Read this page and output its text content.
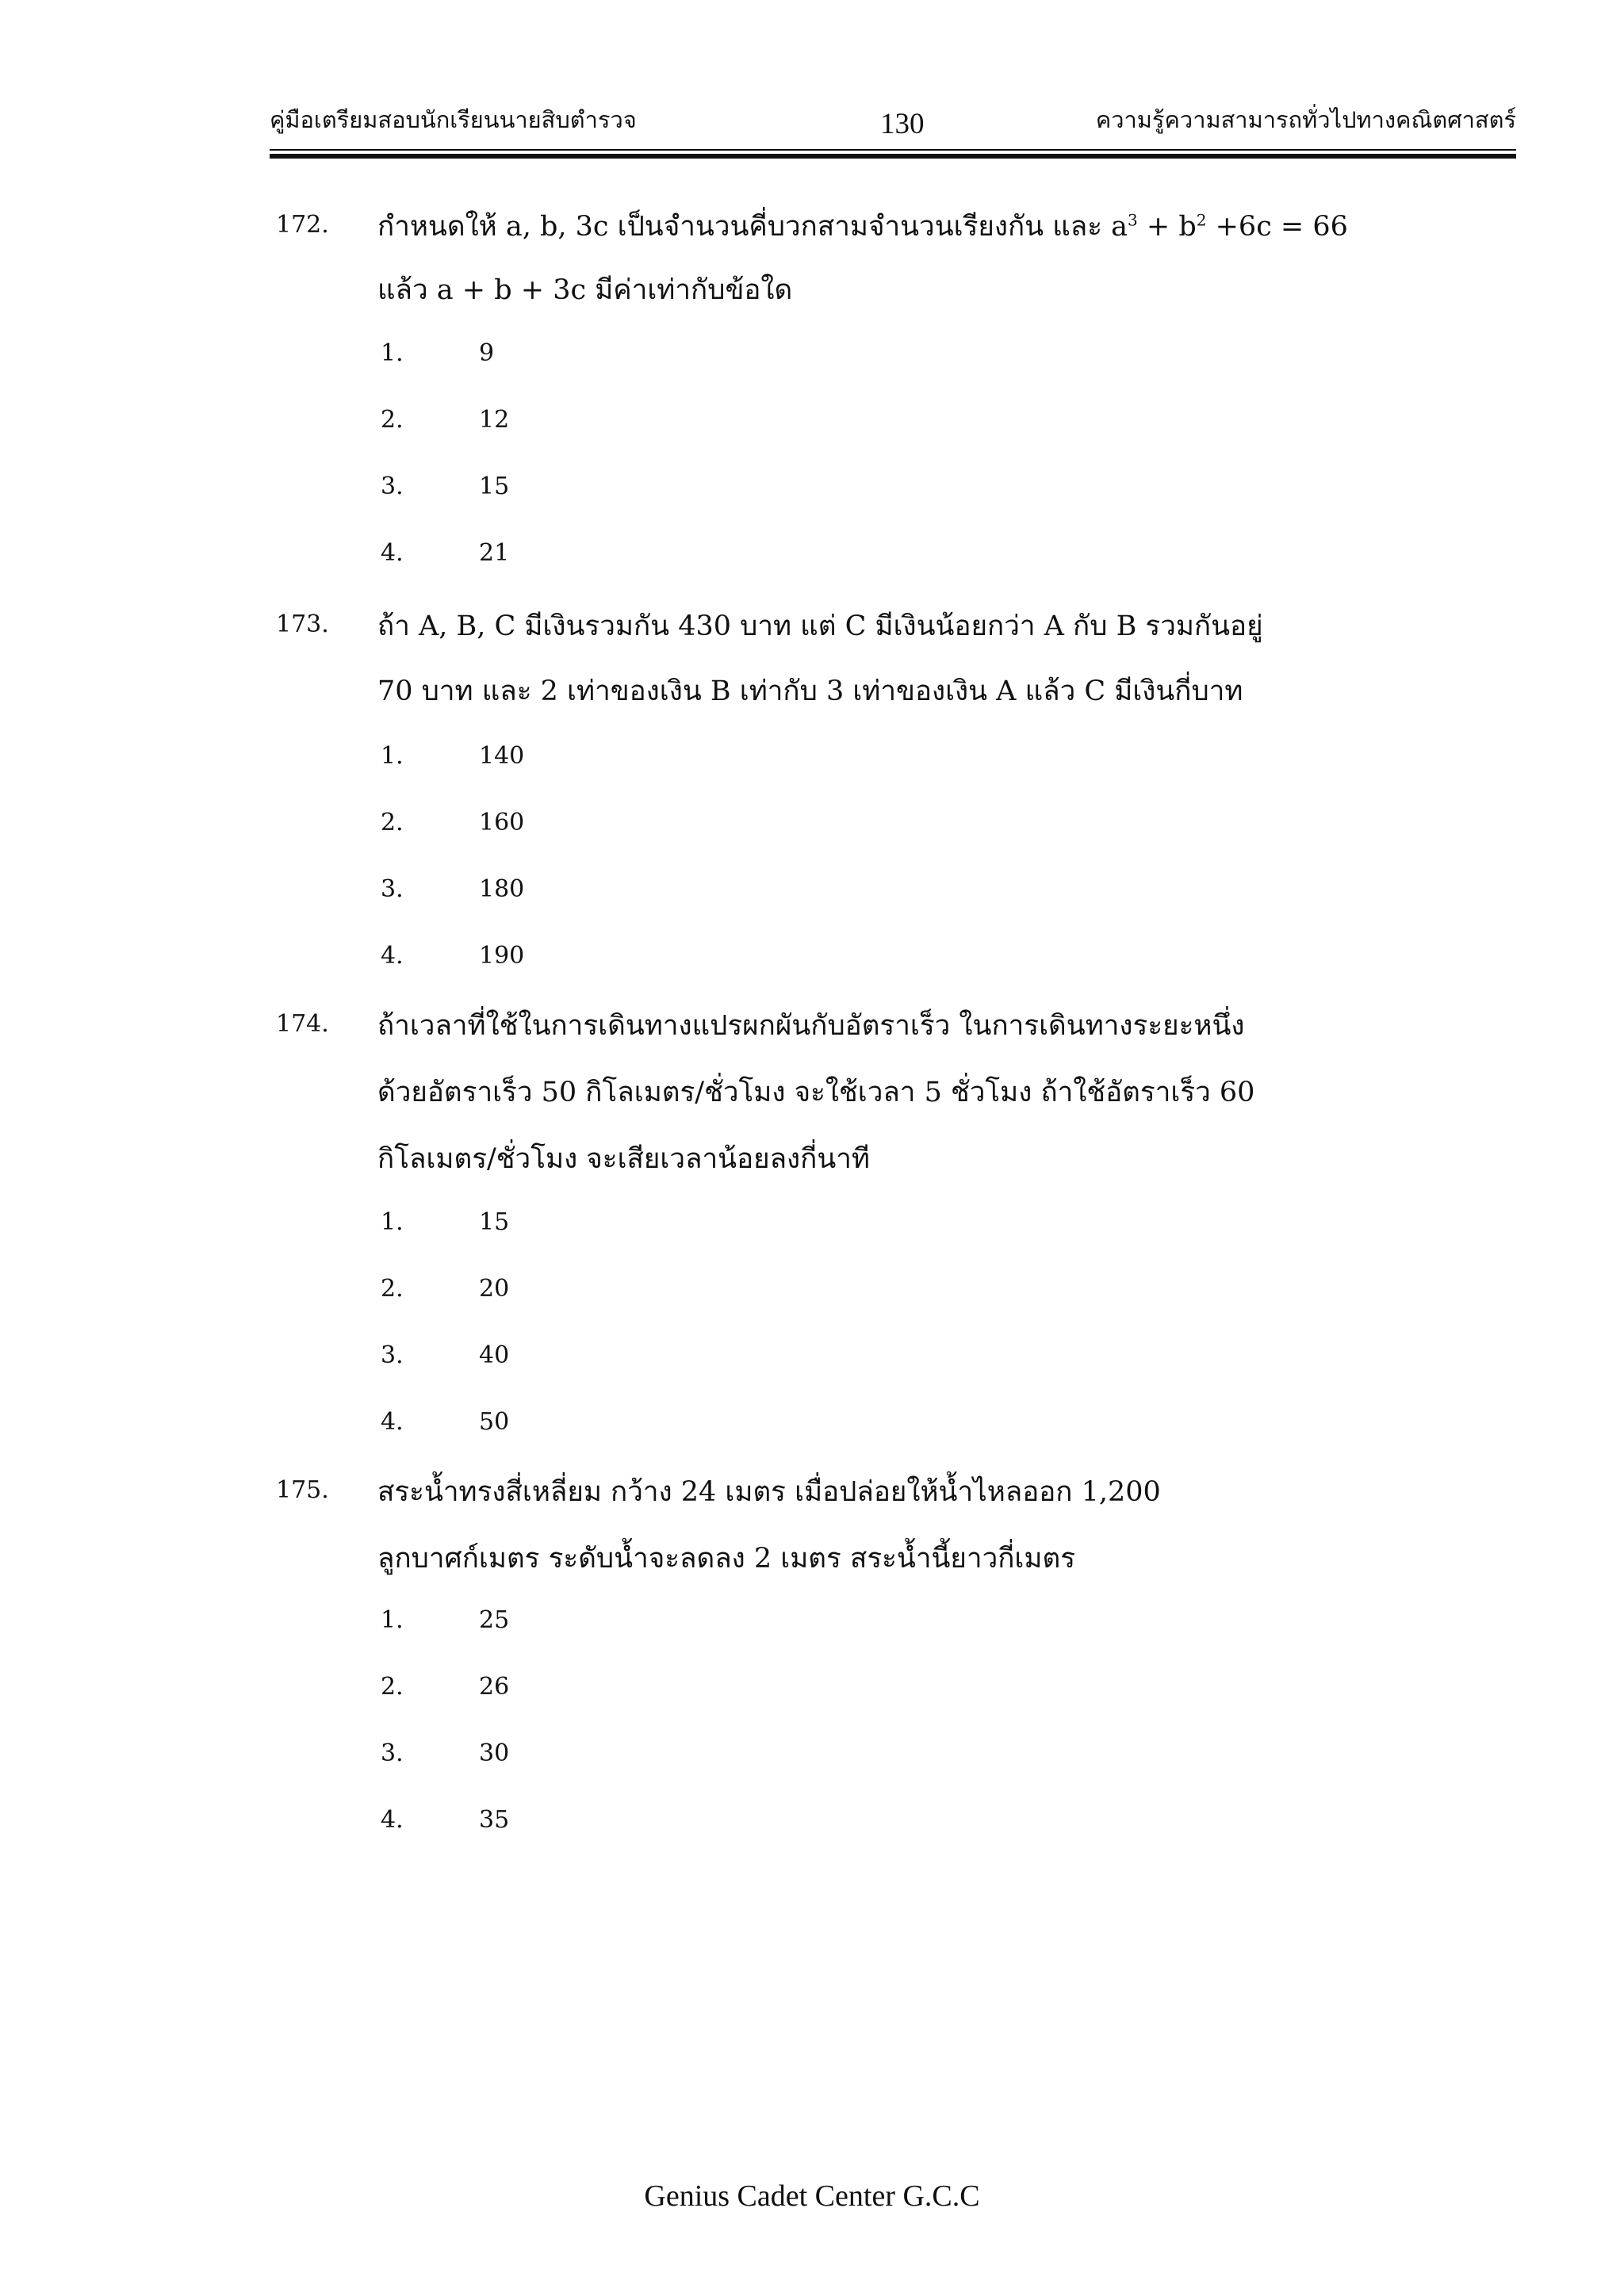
คู่มือเตรียมสอบนักเรียนนายสิบตำรวจ	130	ความรู้ความสามารถทั่วไปทางคณิตศาสตร์
172. กำหนดให้ a, b, 3c เป็นจำนวนคี่บวกสามจำนวนเรียงกัน และ $a^3 + b^2 +6c = 66$
แล้ว a + b + 3c มีค่าเท่ากับข้อใด
1.	9
2.	12
3.	15
4.	21
173. ถ้า A, B, C มีเงินรวมกัน 430 บาท แต่ C มีเงินน้อยกว่า A กับ B รวมกันอยู่
70 บาท และ 2 เท่าของเงิน B เท่ากับ 3 เท่าของเงิน A แล้ว C มีเงินกี่บาท
1.	140
2.	160
3.	180
4.	190
174. ถ้าเวลาที่ใช้ในการเดินทางแปรผกผันกับอัตราเร็ว ในการเดินทางระยะหนึ่ง
ด้วยอัตราเร็ว 50 กิโลเมตร/ชั่วโมง จะใช้เวลา 5 ชั่วโมง ถ้าใช้อัตราเร็ว 60
กิโลเมตร/ชั่วโมง จะเสียเวลาน้อยลงกี่นาที
1.	15
2.	20
3.	40
4.	50
175. สระน้ำทรงสี่เหลี่ยม กว้าง 24 เมตร เมื่อปล่อยให้น้ำไหลออก 1,200
ลูกบาศก์เมตร ระดับน้ำจะลดลง 2 เมตร สระน้ำนี้ยาวกี่เมตร
1.	25
2.	26
3.	30
4.	35
Genius Cadet Center G.C.C
